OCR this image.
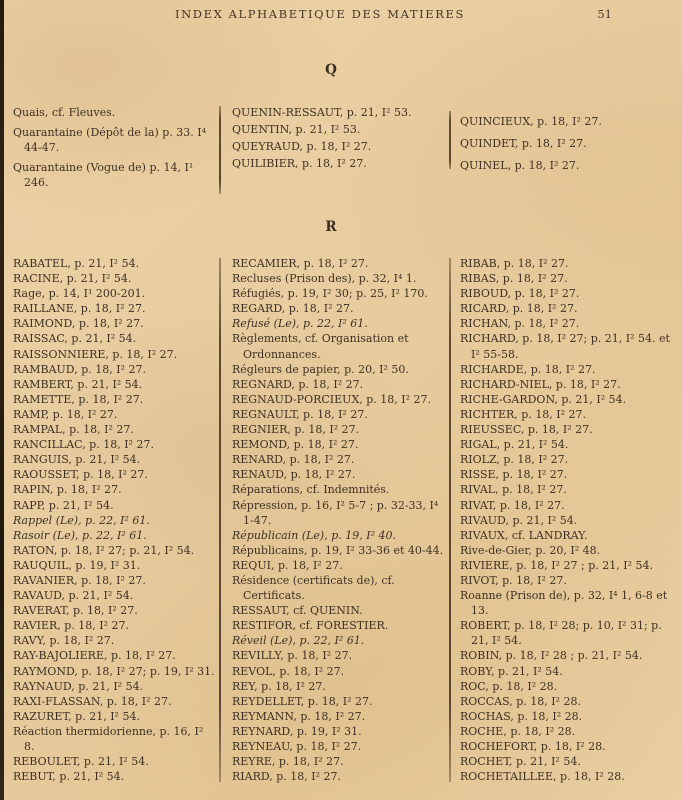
INDEX ALPHABETIQUE DES MATIERES	51
Q
Quais, cf. Fleuves.
Quarantaine (Dépôt de la) p. 33. I⁴ 44-47.
Quarantaine (Vogue de) p. 14, I¹ 246.
QUENIN-RESSAUT, p. 21, I² 53.
QUENTIN, p. 21, I² 53.
QUEYRAUD, p. 18, I² 27.
QUILIBIER, p. 18, I² 27.
QUINCIEUX, p. 18, I² 27.
QUINDET, p. 18, I² 27.
QUINEL, p. 18, I² 27.
R
RABATEL, p. 21, I² 54.
RACINE, p. 21, I² 54.
Rage, p. 14, I¹ 200-201.
RAILLANE, p. 18, I² 27.
RAIMOND, p. 18, I² 27.
RAISSAC, p. 21, I² 54.
RAISSONNIERE, p. 18, I² 27.
RAMBAUD, p. 18, I² 27.
RAMBERT, p. 21, I² 54.
RAMETTE, p. 18, I² 27.
RAMP, p. 18, I² 27.
RAMPAL, p. 18, I² 27.
RANCILLAC, p. 18, I² 27.
RANGUIS, p. 21, I² 54.
RAOUSSET, p. 18, I² 27.
RAPIN, p. 18, I² 27.
RAPP, p. 21, I² 54.
Rappel (Le), p. 22, I² 61.
Rasoir (Le), p. 22, I² 61.
RATON, p. 18, I² 27; p. 21, I² 54.
RAUQUIL, p. 19, I² 31.
RAVANIER, p. 18, I² 27.
RAVAUD, p. 21, I² 54.
RAVERAT, p. 18, I² 27.
RAVIER, p. 18, I² 27.
RAVY, p. 18, I² 27.
RAY-BAJOLIERE, p. 18, I² 27.
RAYMOND, p. 18, I² 27; p. 19, I² 31.
RAYNAUD, p. 21, I² 54.
RAXI-FLASSAN, p. 18, I² 27.
RAZURET, p. 21, I² 54.
Réaction thermidorienne, p. 16, I² 8.
REBOULET, p. 21, I² 54.
REBUT, p. 21, I² 54.
RECAMIER, p. 18, I² 27.
Recluses (Prison des), p. 32, I⁴ 1.
Réfugiés, p. 19, I² 30; p. 25, I² 170.
REGARD, p. 18, I² 27.
Refusé (Le), p. 22, I² 61.
Règlements, cf. Organisation et Ordonnances.
Régleurs de papier, p. 20, I² 50.
REGNARD, p. 18, I² 27.
REGNAUD-PORCIEUX, p. 18, I² 27.
REGNAULT, p. 18, I² 27.
REGNIER, p. 18, I² 27.
REMOND, p. 18, I² 27.
RENARD, p. 18, I² 27.
RENAUD, p. 18, I² 27.
Réparations, cf. Indemnités.
Répression, p. 16, I² 5-7 ; p. 32-33, I⁴ 1-47.
Républicain (Le), p. 19, I² 40.
Républicains, p. 19, I² 33-36 et 40-44.
REQUI, p. 18, I² 27.
Résidence (certificats de), cf. Certificats.
RESSAUT, cf. QUENIN.
RESTIFOR, cf. FORESTIER.
Réveil (Le), p. 22, I² 61.
REVILLY, p. 18, I² 27.
REVOL, p. 18, I² 27.
REY, p. 18, I² 27.
REYDELLET, p. 18, I² 27.
REYMANN, p. 18, I² 27.
REYNARD, p. 19, I² 31.
REYNEAU, p. 18, I² 27.
REYRE, p. 18, I² 27.
RIARD, p. 18, I² 27.
RIBAB, p. 18, I² 27.
RIBAS, p. 18, I² 27.
RIBOUD, p. 18, I² 27.
RICARD, p. 18, I² 27.
RICHAN, p. 18, I² 27.
RICHARD, p. 18, I² 27; p. 21, I² 54. et I² 55-58.
RICHARDE, p. 18, I² 27.
RICHARD-NIEL, p. 18, I² 27.
RICHE-GARDON, p. 21, I² 54.
RICHTER, p. 18, I² 27.
RIEUSSEC, p. 18, I² 27.
RIGAL, p. 21, I² 54.
RIOLZ, p. 18, I² 27.
RISSE, p. 18, I² 27.
RIVAL, p. 18, I² 27.
RIVAT, p. 18, I² 27.
RIVAUD, p. 21, I² 54.
RIVAUX, cf. LANDRAY.
Rive-de-Gier, p. 20, I² 48.
RIVIERE, p. 18, I² 27 ; p. 21, I² 54.
RIVOT, p. 18, I² 27.
Roanne (Prison de), p. 32, I⁴ 1, 6-8 et 13.
ROBERT, p. 18, I² 28; p. 10, I² 31; p. 21, I² 54.
ROBIN, p. 18, I² 28 ; p. 21, I² 54.
ROBY, p. 21, I² 54.
ROC, p. 18, I² 28.
ROCCAS, p. 18, I² 28.
ROCHAS, p. 18, I² 28.
ROCHE, p. 18, I² 28.
ROCHEFORT, p. 18, I² 28.
ROCHET, p. 21, I² 54.
ROCHETAILLEE, p. 18, I² 28.
